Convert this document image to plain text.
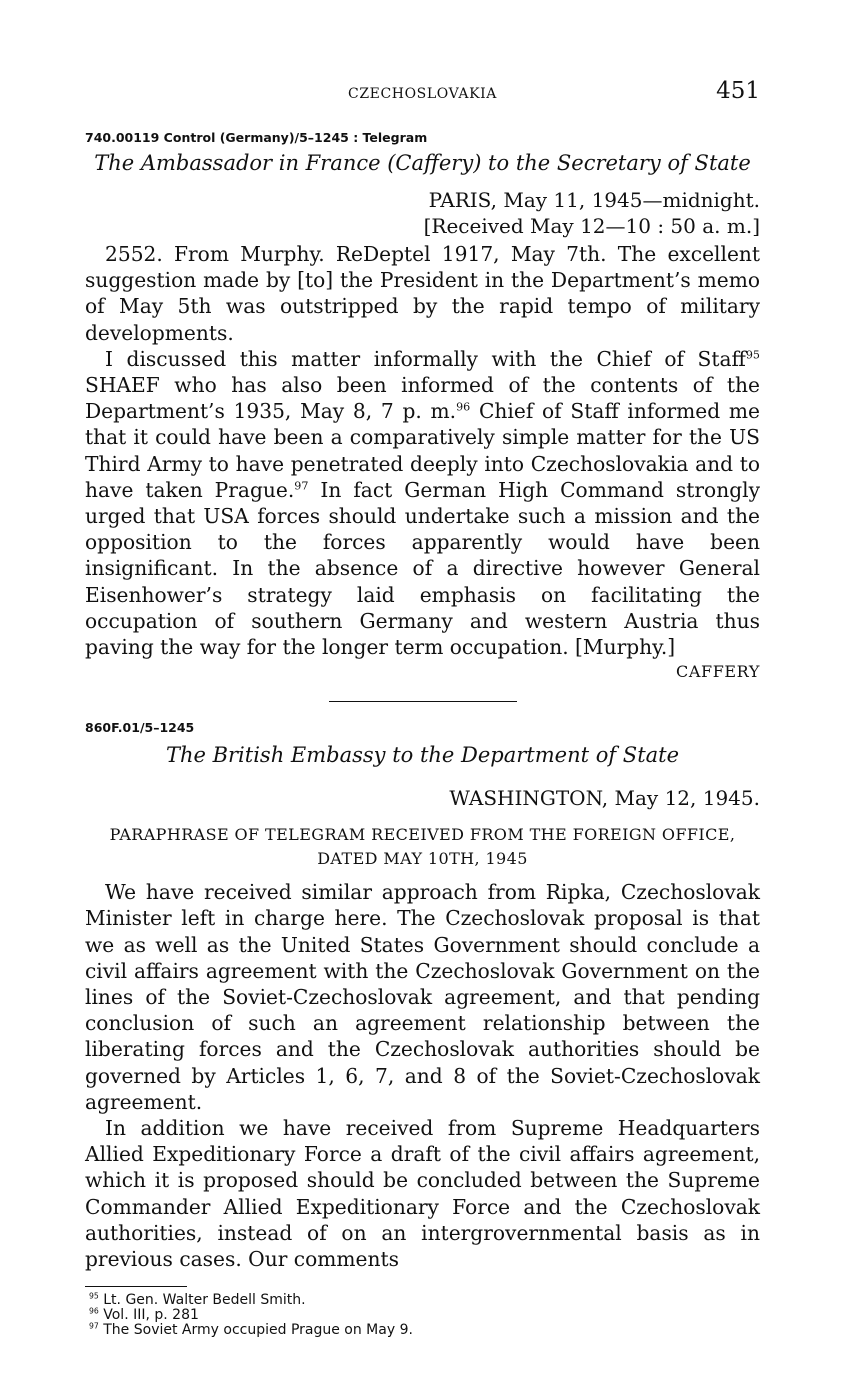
CZECHOSLOVAKIA	451
740.00119 Control (Germany)/5–1245 : Telegram
The Ambassador in France (Caffery) to the Secretary of State
PARIS, May 11, 1945—midnight.
[Received May 12—10 : 50 a. m.]

2552. From Murphy. ReDeptel 1917, May 7th. The excellent suggestion made by [to] the President in the Department’s memo of May 5th was outstripped by the rapid tempo of military developments.

I discussed this matter informally with the Chief of Staff$^{95}$ SHAEF who has also been informed of the contents of the Department’s 1935, May 8, 7 p. m.$^{96}$ Chief of Staff informed me that it could have been a comparatively simple matter for the US Third Army to have penetrated deeply into Czechoslovakia and to have taken Prague.$^{97}$ In fact German High Command strongly urged that USA forces should undertake such a mission and the opposition to the forces apparently would have been insignificant. In the absence of a directive however General Eisenhower’s strategy laid emphasis on facilitating the occupation of southern Germany and western Austria thus paving the way for the longer term occupation. [Murphy.]

CAFFERY
860F.01/5–1245
The British Embassy to the Department of State
WASHINGTON, May 12, 1945.
PARAPHRASE OF TELEGRAM RECEIVED FROM THE FOREIGN OFFICE,
DATED MAY 10TH, 1945

We have received similar approach from Ripka, Czechoslovak Minister left in charge here. The Czechoslovak proposal is that we as well as the United States Government should conclude a civil affairs agreement with the Czechoslovak Government on the lines of the Soviet-Czechoslovak agreement, and that pending conclusion of such an agreement relationship between the liberating forces and the Czechoslovak authorities should be governed by Articles 1, 6, 7, and 8 of the Soviet-Czechoslovak agreement.

In addition we have received from Supreme Headquarters Allied Expeditionary Force a draft of the civil affairs agreement, which it is proposed should be concluded between the Supreme Commander Allied Expeditionary Force and the Czechoslovak authorities, instead of on an intergrovernmental basis as in previous cases. Our comments

$^{95}$ Lt. Gen. Walter Bedell Smith.
$^{96}$ Vol. III, p. 281
$^{97}$ The Soviet Army occupied Prague on May 9.
